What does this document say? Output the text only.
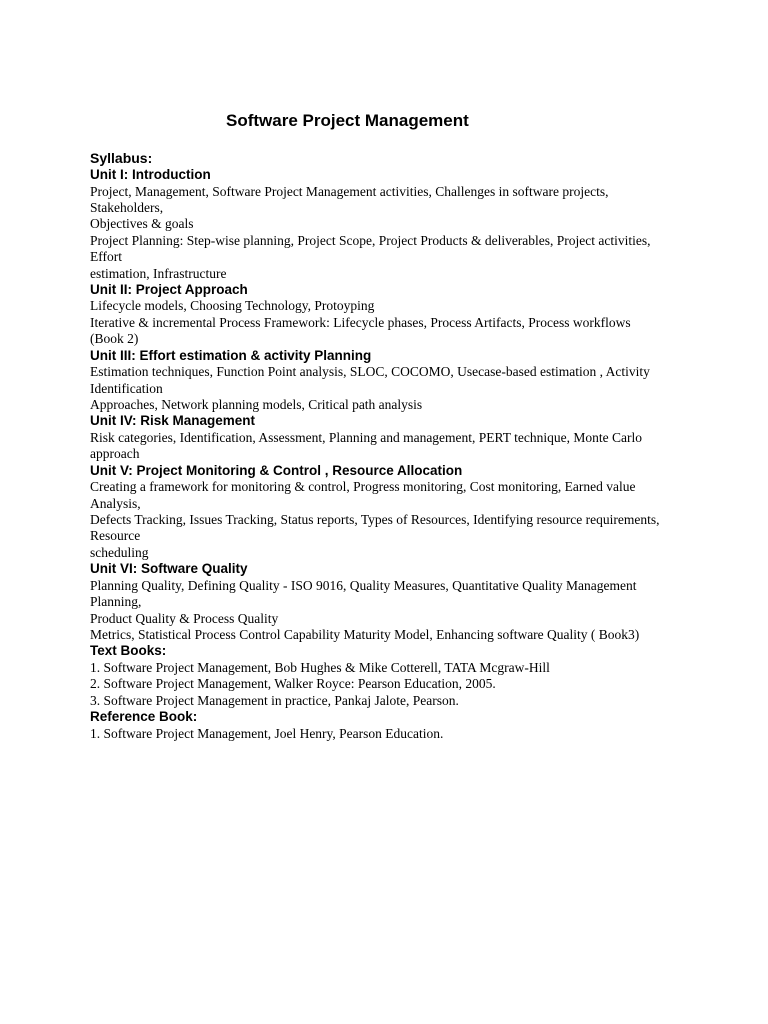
Software Project Management
Syllabus:
Unit I: Introduction
Project, Management, Software Project Management activities, Challenges in software projects,
Stakeholders,
Objectives & goals
Project Planning: Step-wise planning, Project Scope, Project Products & deliverables, Project activities,
Effort
estimation, Infrastructure
Unit II: Project Approach
Lifecycle models, Choosing Technology, Protoyping
Iterative & incremental Process Framework: Lifecycle phases, Process Artifacts, Process workflows
(Book 2)
Unit III: Effort estimation & activity Planning
Estimation techniques, Function Point analysis, SLOC, COCOMO, Usecase-based estimation , Activity
Identification
Approaches, Network planning models, Critical path analysis
Unit IV: Risk Management
Risk categories, Identification, Assessment, Planning and management, PERT technique, Monte Carlo
approach
Unit V: Project Monitoring & Control , Resource Allocation
Creating a framework for monitoring & control, Progress monitoring, Cost monitoring, Earned value
Analysis,
Defects Tracking, Issues Tracking, Status reports, Types of Resources, Identifying resource requirements,
Resource
scheduling
Unit VI: Software Quality
Planning Quality, Defining Quality - ISO 9016, Quality Measures, Quantitative Quality Management
Planning,
Product Quality & Process Quality
Metrics, Statistical Process Control Capability Maturity Model, Enhancing software Quality ( Book3)
Text Books:
1. Software Project Management, Bob Hughes & Mike Cotterell, TATA Mcgraw-Hill
2. Software Project Management, Walker Royce: Pearson Education, 2005.
3. Software Project Management in practice, Pankaj Jalote, Pearson.
Reference Book:
1. Software Project Management, Joel Henry, Pearson Education.
